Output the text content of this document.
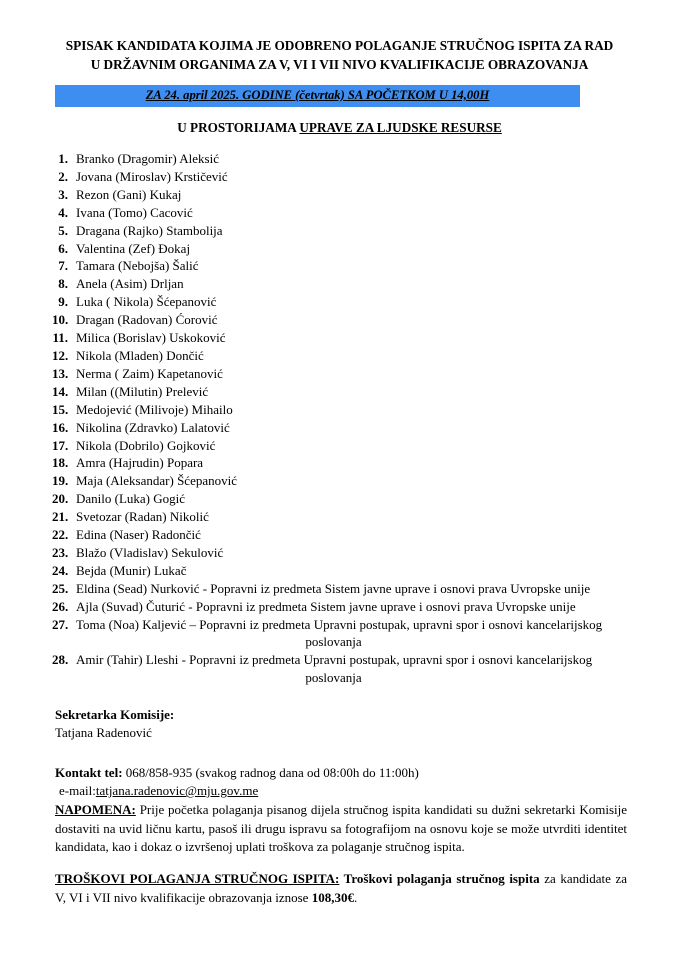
SPISAK KANDIDATA KOJIMA JE ODOBRENO POLAGANJE STRUČNOG ISPITA ZA RAD
U DRŽAVNIM ORGANIMA ZA V, VI I VII NIVO KVALIFIKACIJE OBRAZOVANJA
ZA 24. april 2025. GODINE (četvrtak) SA POČETKOM U 14,00H

U PROSTORIJAMA UPRAVE ZA LJUDSKE RESURSE

1. Branko (Dragomir) Aleksić
2. Jovana (Miroslav) Krstičević
3. Rezon (Gani) Kukaj
4. Ivana (Tomo) Cacović
5. Dragana (Rajko) Stambolija
6. Valentina (Zef) Đokaj
7. Tamara (Nebojša) Šalić
8. Anela (Asim) Drljan
9. Luka ( Nikola) Šćepanović
10. Dragan (Radovan) Ćorović
11. Milica (Borislav) Uskoković
12. Nikola (Mladen) Dončić
13. Nerma ( Zaim) Kapetanović
14. Milan ((Milutin) Prelević
15. Medojević (Milivoje) Mihailo
16. Nikolina (Zdravko) Lalatović
17. Nikola (Dobrilo) Gojković
18. Amra (Hajrudin) Popara
19. Maja (Aleksandar) Šćepanović
20. Danilo (Luka) Gogić
21. Svetozar (Radan) Nikolić
22. Edina (Naser) Radončić
23. Blažo (Vladislav) Sekulović
24. Bejda (Munir) Lukač
25. Eldina (Sead) Nurković - Popravni iz predmeta Sistem javne uprave i osnovi prava Uvropske unije
26. Ajla (Suvad) Čuturić - Popravni iz predmeta Sistem javne uprave i osnovi prava Uvropske unije
27. Toma (Noa) Kaljević – Popravni iz predmeta Upravni postupak, upravni spor i osnovi kancelarijskog
poslovanja
28. Amir (Tahir) Lleshi - Popravni iz predmeta Upravni postupak, upravni spor i osnovi kancelarijskog
poslovanja
Sekretarka Komisije:
Tatjana Radenović
Kontakt tel: 068/858-935 (svakog radnog dana od 08:00h do 11:00h)
e-mail:tatjana.radenovic@mju.gov.me

NAPOMENA: Prije početka polaganja pisanog dijela stručnog ispita kandidati su dužni sekretarki Komisije dostaviti na uvid ličnu kartu, pasoš ili drugu ispravu sa fotografijom na osnovu koje se može utvrditi identitet kandidata, kao i dokaz o izvršenoj uplati troškova za polaganje stručnog ispita.

TROŠKOVI POLAGANJA STRUČNOG ISPITA: Troškovi polaganja stručnog ispita za kandidate za V, VI i VII nivo kvalifikacije obrazovanja iznose 108,30€.
